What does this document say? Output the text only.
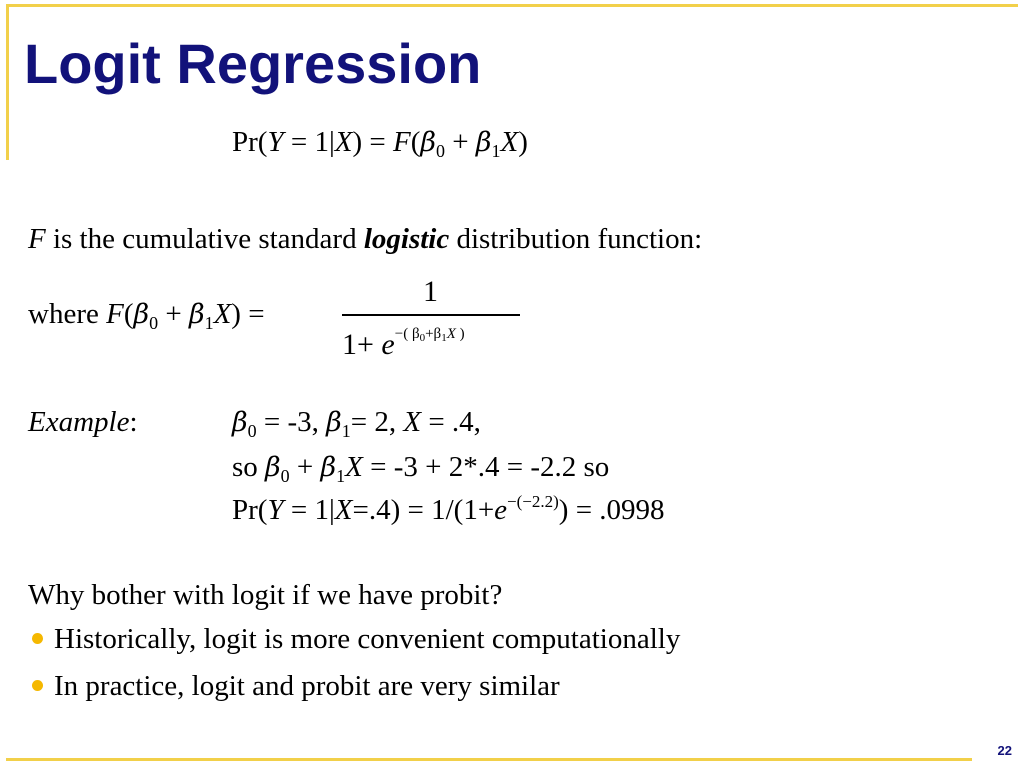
Logit Regression
$Pr(Y = 1|X) = F(\beta_0 + \beta_1X)$
F is the cumulative standard logistic distribution function:
where $F(\beta_0 + \beta_1X)$ =
1
$1+ e^{-( \beta_0+\beta_1X )}$
Example:	$\beta_0 = -3$, $\beta_1= 2$, X = .4,
so $\beta_0 + \beta_1X = -3 + 2*.4 = -2.2$ so
$Pr(Y = 1|X=.4) = 1/(1+e^{-(-2.2)}) = .0998$
Why bother with logit if we have probit?
Historically, logit is more convenient computationally
In practice, logit and probit are very similar
22
